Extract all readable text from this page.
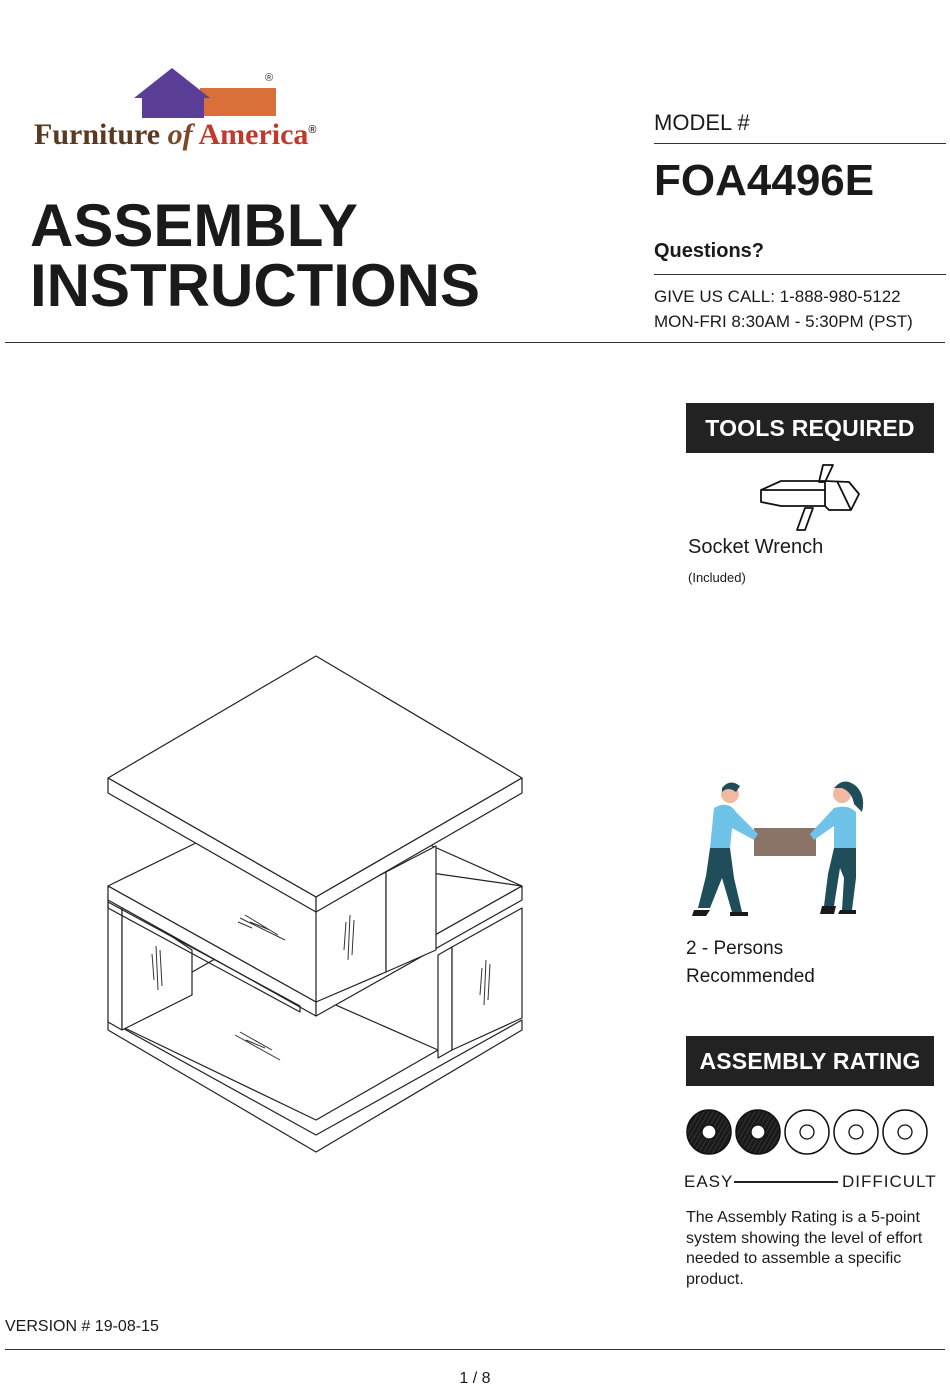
®
Furniture of America®
ASSEMBLY
INSTRUCTIONS
MODEL #
FOA4496E
Questions?
GIVE US CALL: 1-888-980-5122
MON-FRI 8:30AM - 5:30PM (PST)
TOOLS REQUIRED
Socket Wrench
(Included)
2 - Persons
Recommended
ASSEMBLY RATING
EASY	DIFFICULT
The Assembly Rating is a 5-point system showing the level of effort needed to assemble a specific product.
VERSION # 19-08-15
1 / 8
